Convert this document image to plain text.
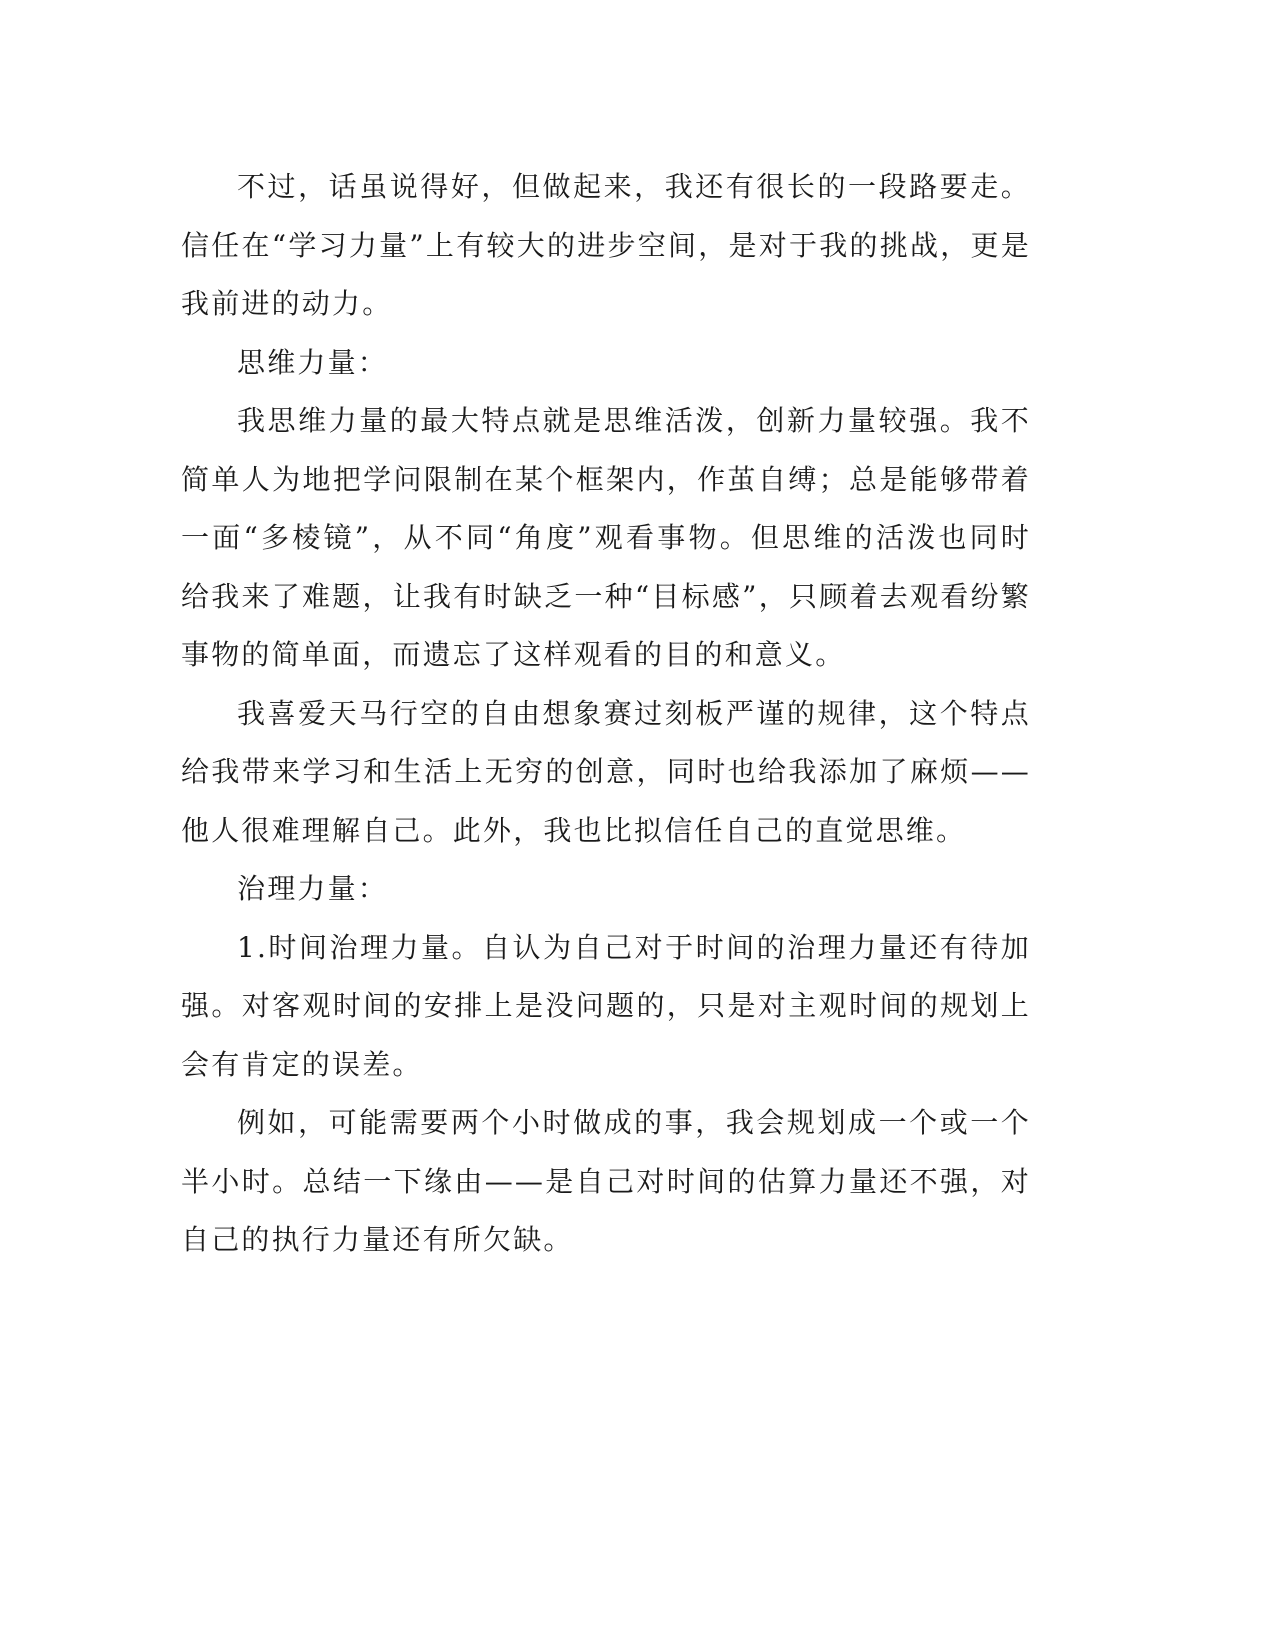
不过，话虽说得好，但做起来，我还有很长的一段路要走。信任在“学习力量”上有较大的进步空间，是对于我的挑战，更是我前进的动力。

思维力量：

我思维力量的最大特点就是思维活泼，创新力量较强。我不简单人为地把学问限制在某个框架内，作茧自缚；总是能够带着一面“多棱镜”，从不同“角度”观看事物。但思维的活泼也同时给我来了难题，让我有时缺乏一种“目标感”，只顾着去观看纷繁事物的简单面，而遗忘了这样观看的目的和意义。

我喜爱天马行空的自由想象赛过刻板严谨的规律，这个特点给我带来学习和生活上无穷的创意，同时也给我添加了麻烦——他人很难理解自己。此外，我也比拟信任自己的直觉思维。

治理力量：

1.时间治理力量。自认为自己对于时间的治理力量还有待加强。对客观时间的安排上是没问题的，只是对主观时间的规划上会有肯定的误差。

例如，可能需要两个小时做成的事，我会规划成一个或一个半小时。总结一下缘由——是自己对时间的估算力量还不强，对自己的执行力量还有所欠缺。
